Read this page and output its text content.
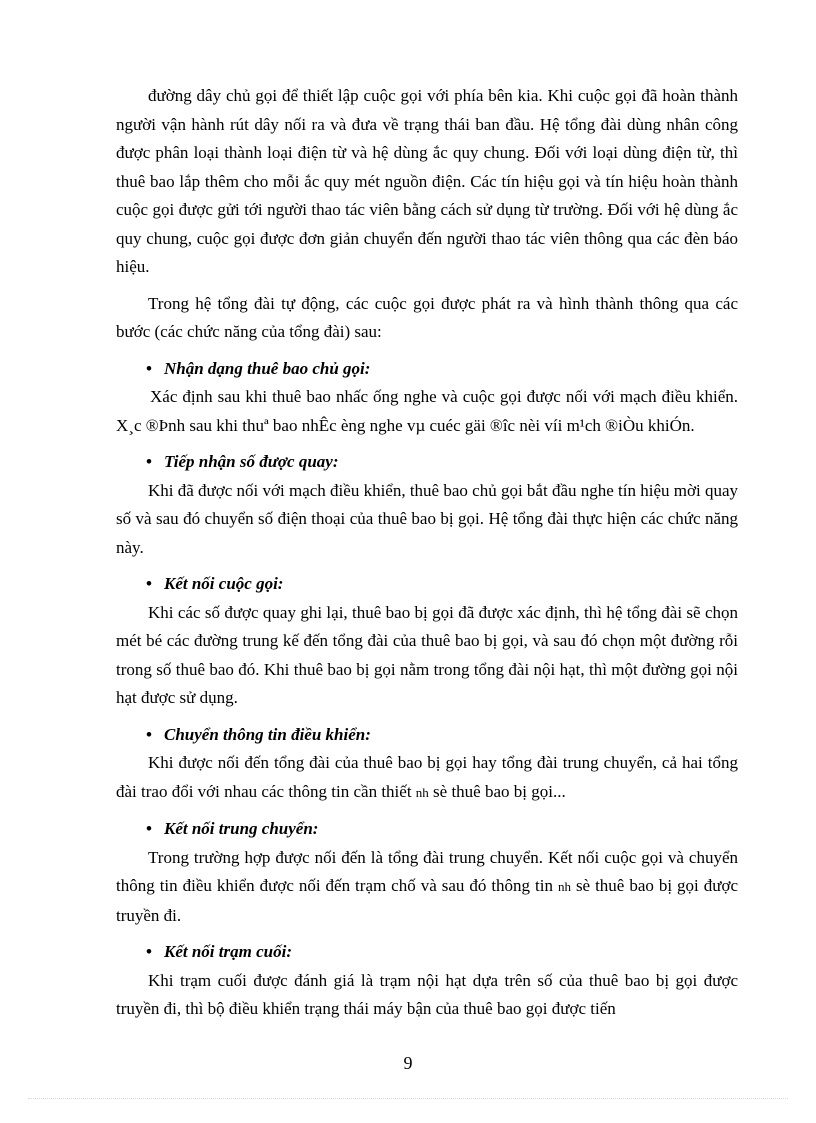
đường dây chủ gọi để thiết lập cuộc gọi với phía bên kia. Khi cuộc gọi đã hoàn thành người vận hành rút dây nối ra và đưa về trạng thái ban đầu. Hệ tổng đài dùng nhân công được phân loại thành loại điện từ và hệ dùng ắc quy chung. Đối với loại dùng điện từ, thì thuê bao lắp thêm cho mỗi ắc quy mét nguồn điện. Các tín hiệu gọi và tín hiệu hoàn thành cuộc gọi được gửi tới người thao tác viên bằng cách sử dụng từ trường. Đối với hệ dùng ắc quy chung, cuộc gọi được đơn giản chuyển đến người thao tác viên thông qua các đèn báo hiệu.

Trong hệ tổng đài tự động, các cuộc gọi được phát ra và hình thành thông qua các bước (các chức năng của tổng đài) sau:

• Nhận dạng thuê bao chủ gọi:

Xác định sau khi thuê bao nhấc ống nghe và cuộc gọi được nối với mạch điều khiển. X¸c ®Þnh sau khi thuª bao nhÊc èng nghe vµ cuéc gäi ®îc nèi víi m¹ch ®iÒu khiÓn.

• Tiếp nhận số được quay:

Khi đã được nối với mạch điều khiển, thuê bao chủ gọi bắt đầu nghe tín hiệu mời quay số và sau đó chuyển số điện thoại của thuê bao bị gọi. Hệ tổng đài thực hiện các chức năng này.

• Kết nối cuộc gọi:

Khi các số được quay ghi lại, thuê bao bị gọi đã được xác định, thì hệ tổng đài sẽ chọn mét bé các đường trung kế đến tổng đài của thuê bao bị gọi, và sau đó chọn một đường rỗi trong số thuê bao đó. Khi thuê bao bị gọi nằm trong tổng đài nội hạt, thì một đường gọi nội hạt được sử dụng.

• Chuyển thông tin điều khiển:

Khi được nối đến tổng đài của thuê bao bị gọi hay tổng đài trung chuyển, cả hai tổng đài trao đổi với nhau các thông tin cần thiết nh sè thuê bao bị gọi...

• Kết nối trung chuyển:

Trong trường hợp được nối đến là tổng đài trung chuyển. Kết nối cuộc gọi và chuyển thông tin điều khiển được nối đến trạm chố và sau đó thông tin nh sè thuê bao bị gọi được truyền đi.

• Kết nối trạm cuối:

Khi trạm cuối được đánh giá là trạm nội hạt dựa trên số của thuê bao bị gọi được truyền đi, thì bộ điều khiển trạng thái máy bận của thuê bao gọi được tiến

9
